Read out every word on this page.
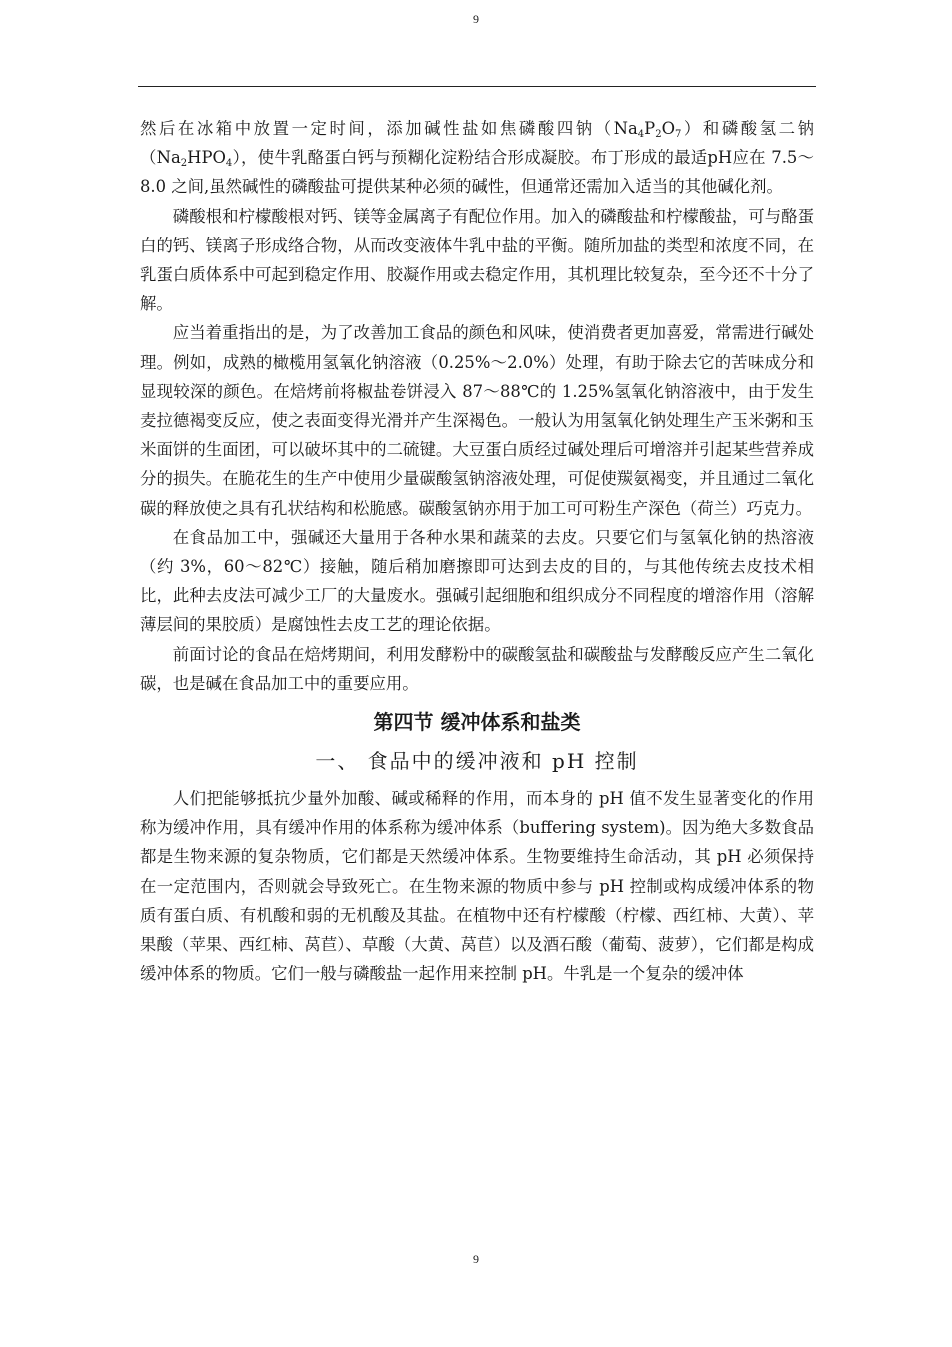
9

然后在冰箱中放置一定时间，添加碱性盐如焦磷酸四钠$(Na_4P_2O_7)$和磷酸氢二钠$(Na_2HPO_4)$，使牛乳酪蛋白钙与预糊化淀粉结合形成凝胶。布丁形成的最适pH应在 7.5～8.0 之间,虽然碱性的磷酸盐可提供某种必须的碱性，但通常还需加入适当的其他碱化剂。

磷酸根和柠檬酸根对钙、镁等金属离子有配位作用。加入的磷酸盐和柠檬酸盐，可与酪蛋白的钙、镁离子形成络合物，从而改变液体牛乳中盐的平衡。随所加盐的类型和浓度不同，在乳蛋白质体系中可起到稳定作用、胶凝作用或去稳定作用，其机理比较复杂，至今还不十分了解。

应当着重指出的是，为了改善加工食品的颜色和风味，使消费者更加喜爱，常需进行碱处理。例如，成熟的橄榄用氢氧化钠溶液（0.25%～2.0%）处理，有助于除去它的苦味成分和显现较深的颜色。在焙烤前将椒盐卷饼浸入 87～88℃的 1.25%氢氧化钠溶液中，由于发生麦拉德褐变反应，使之表面变得光滑并产生深褐色。一般认为用氢氧化钠处理生产玉米粥和玉米面饼的生面团，可以破坏其中的二硫键。大豆蛋白质经过碱处理后可增溶并引起某些营养成分的损失。在脆花生的生产中使用少量碳酸氢钠溶液处理，可促使羰氨褐变，并且通过二氧化碳的释放使之具有孔状结构和松脆感。碳酸氢钠亦用于加工可可粉生产深色（荷兰）巧克力。

在食品加工中，强碱还大量用于各种水果和蔬菜的去皮。只要它们与氢氧化钠的热溶液（约 3%，60～82℃）接触，随后稍加磨擦即可达到去皮的目的，与其他传统去皮技术相比，此种去皮法可减少工厂的大量废水。强碱引起细胞和组织成分不同程度的增溶作用（溶解薄层间的果胶质）是腐蚀性去皮工艺的理论依据。

前面讨论的食品在焙烤期间，利用发酵粉中的碳酸氢盐和碳酸盐与发酵酸反应产生二氧化碳，也是碱在食品加工中的重要应用。

第四节 缓冲体系和盐类
一、 食品中的缓冲液和 pH 控制

人们把能够抵抗少量外加酸、碱或稀释的作用，而本身的 pH 值不发生显著变化的作用称为缓冲作用，具有缓冲作用的体系称为缓冲体系（buffering system)。因为绝大多数食品都是生物来源的复杂物质，它们都是天然缓冲体系。生物要维持生命活动，其 pH 必须保持在一定范围内，否则就会导致死亡。在生物来源的物质中参与 pH 控制或构成缓冲体系的物质有蛋白质、有机酸和弱的无机酸及其盐。在植物中还有柠檬酸（柠檬、西红柿、大黄）、苹果酸（苹果、西红柿、莴苣）、草酸（大黄、莴苣）以及酒石酸（葡萄、菠萝），它们都是构成缓冲体系的物质。它们一般与磷酸盐一起作用来控制 pH。牛乳是一个复杂的缓冲体

9
